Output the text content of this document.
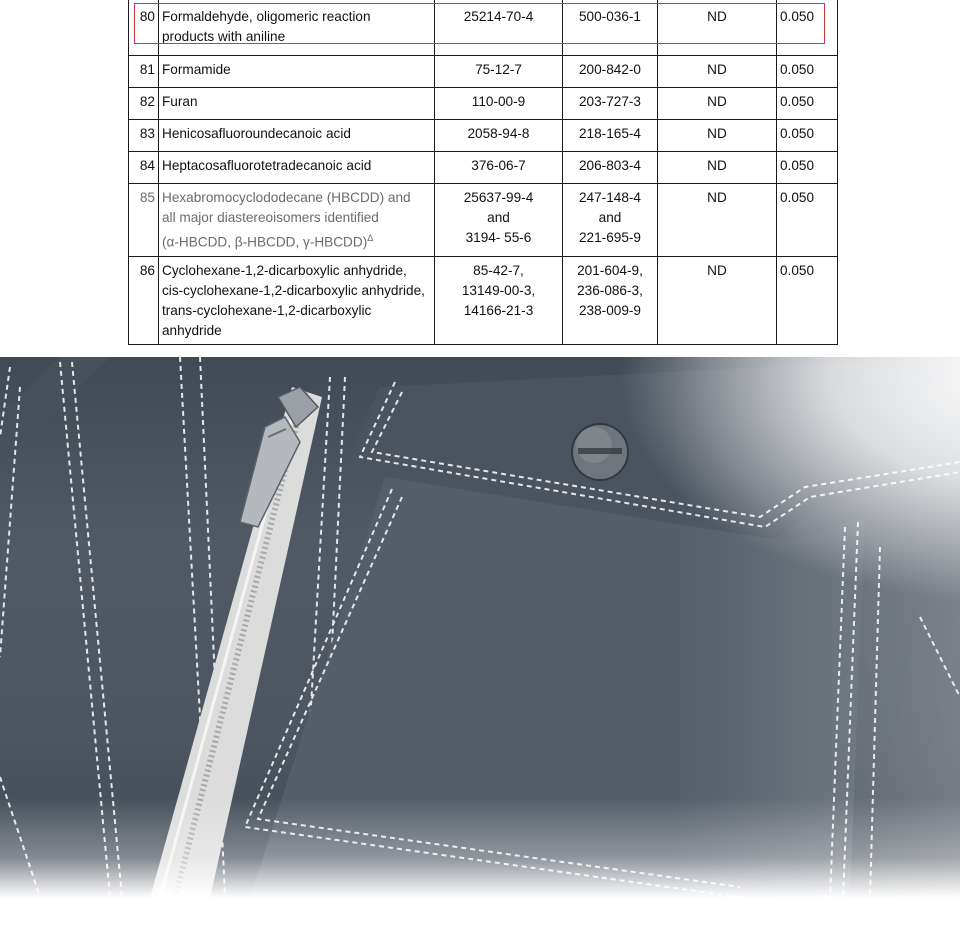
80	Formaldehyde, oligomeric reaction
products with aniline	25214-70-4	500-036-1	ND	0.050
81	Formamide	75-12-7	200-842-0	ND	0.050
82	Furan	110-00-9	203-727-3	ND	0.050
83	Henicosafluoroundecanoic acid	2058-94-8	218-165-4	ND	0.050
84	Heptacosafluorotetradecanoic acid	376-06-7	206-803-4	ND	0.050
85	Hexabromocyclododecane (HBCDD) and
all major diastereoisomers identified
(α-HBCDD, β-HBCDD, γ-HBCDD)$^\Delta$	25637-99-4
and
3194- 55-6	247-148-4
and
221-695-9	ND	0.050
86	Cyclohexane-1,2-dicarboxylic anhydride,
cis-cyclohexane-1,2-dicarboxylic anhydride,
trans-cyclohexane-1,2-dicarboxylic
anhydride	85-42-7,
13149-00-3,
14166-21-3	201-604-9,
236-086-3,
238-009-9	ND	0.050
